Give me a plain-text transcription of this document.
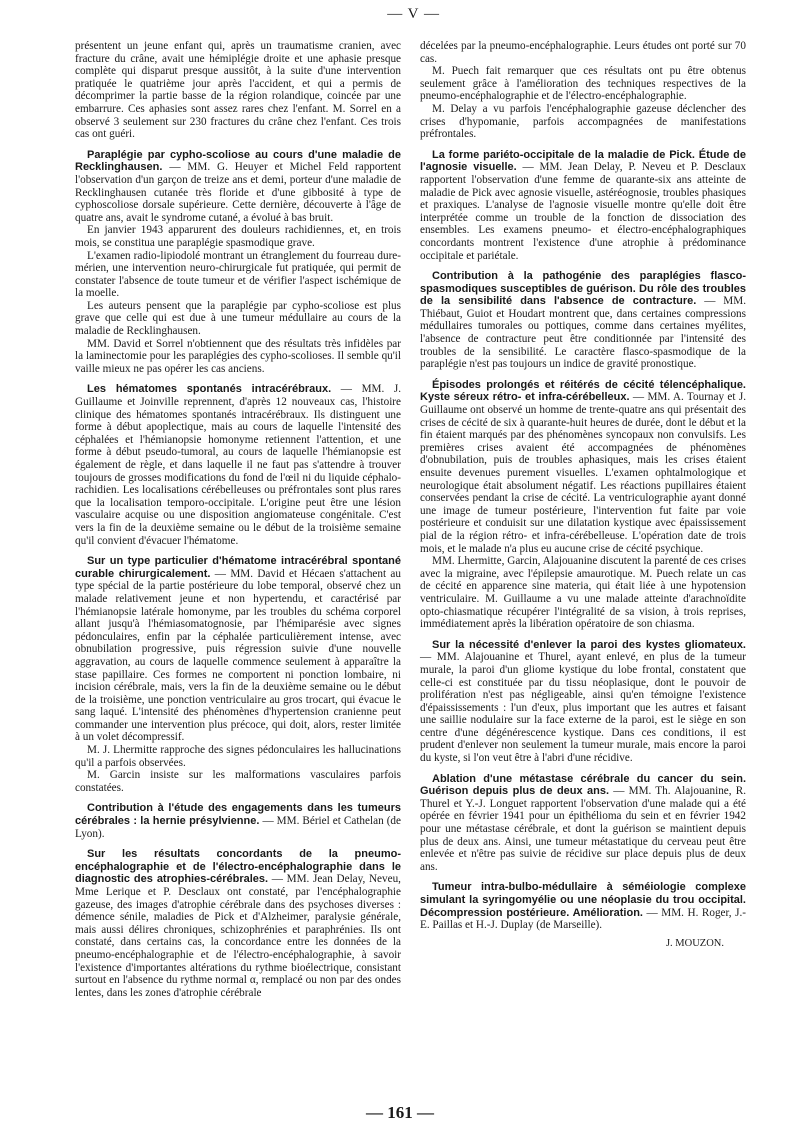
— V —

présentent un jeune enfant qui, après un traumatisme cranien, avec fracture du crâne, avait une hémiplégie droite et une aphasie presque complète qui disparut presque aussitôt, à la suite d'une intervention pratiquée le quatrième jour après l'accident, et qui a permis de décomprimer la partie basse de la région rolandique, coincée par une embarrure. Ces aphasies sont assez rares chez l'enfant. M. Sorrel en a observé 3 seulement sur 230 fractures du crâne chez l'enfant. Ces trois cas ont guéri.

Paraplégie par cypho-scoliose au cours d'une maladie de Recklinghausen. — MM. G. Heuyer et Michel Feld rapportent l'observation d'un garçon de treize ans et demi, porteur d'une maladie de Recklinghausen cutanée très floride et d'une gibbosité à type de cyphoscoliose dorsale supérieure. Cette dernière, découverte à l'âge de quatre ans, avait le syndrome cutané, a évolué à bas bruit.

En janvier 1943 apparurent des douleurs rachidiennes, et, en trois mois, se constitua une paraplégie spasmodique grave.

L'examen radio-lipiodolé montrant un étranglement du fourreau dure-mérien, une intervention neuro-chirurgicale fut pratiquée, qui permit de constater l'absence de toute tumeur et de vérifier l'aspect ischémique de la moelle.

Les auteurs pensent que la paraplégie par cypho-scoliose est plus grave que celle qui est due à une tumeur médullaire au cours de la maladie de Recklinghausen.

MM. David et Sorrel n'obtiennent que des résultats très infidèles par la laminectomie pour les paraplégies des cypho-scolioses. Il semble qu'il vaille mieux ne pas opérer les cas anciens.

Les hématomes spontanés intracérébraux. — MM. J. Guillaume et Joinville reprennent, d'après 12 nouveaux cas, l'histoire clinique des hématomes spontanés intracérébraux. Ils distinguent une forme à début apoplectique, mais au cours de laquelle l'intensité des céphalées et l'hémianopsie homonyme retiennent l'attention, et une forme à début pseudo-tumoral, au cours de laquelle l'hémianopsie est également de règle, et dans laquelle il ne faut pas s'attendre à trouver toujours de grosses modifications du fond de l'œil ni du liquide céphalo-rachidien. Les localisations cérébelleuses ou préfrontales sont plus rares que la localisation temporo-occipitale. L'origine peut être une lésion vasculaire acquise ou une disposition angiomateuse congénitale. C'est vers la fin de la deuxième semaine ou le début de la troisième semaine qu'il convient d'évacuer l'hématome.

Sur un type particulier d'hématome intracérébral spontané curable chirurgicalement. — MM. David et Hécaen s'attachent au type spécial de la partie postérieure du lobe temporal, observé chez un malade relativement jeune et non hypertendu, et caractérisé par l'hémianopsie latérale homonyme, par les troubles du schéma corporel allant jusqu'à l'hémiasomatognosie, par l'hémiparésie avec signes pédonculaires, enfin par la céphalée particulièrement intense, avec obnubilation progressive, puis régression suivie d'une nouvelle aggravation, au cours de laquelle commence seulement à apparaître la stase papillaire. Ces formes ne comportent ni ponction lombaire, ni incision cérébrale, mais, vers la fin de la deuxième semaine ou le début de la troisième, une ponction ventriculaire au gros trocart, qui évacue le sang laqué. L'intensité des phénomènes d'hypertension cranienne peut commander une intervention plus précoce, qui doit, alors, rester limitée à un volet décompressif.

M. J. Lhermitte rapproche des signes pédonculaires les hallucinations qu'il a parfois observées.

M. Garcin insiste sur les malformations vasculaires parfois constatées.

Contribution à l'étude des engagements dans les tumeurs cérébrales : la hernie présylvienne. — MM. Bériel et Cathelan (de Lyon).

Sur les résultats concordants de la pneumo-encéphalographie et de l'électro-encéphalographie dans le diagnostic des atrophies-cérébrales. — MM. Jean Delay, Neveu, Mme Lerique et P. Desclaux ont constaté, par l'encéphalographie gazeuse, des images d'atrophie cérébrale dans des psychoses diverses : démence sénile, maladies de Pick et d'Alzheimer, paralysie générale, mais aussi délires chroniques, schizophrénies et paraphrénies. Ils ont constaté, dans certains cas, la concordance entre les données de la pneumo-encéphalographie et de l'électro-encéphalographie, à savoir l'existence d'importantes altérations du rythme bioélectrique, consistant surtout en l'absence du rythme normal α, remplacé ou non par des ondes lentes, dans les zones d'atrophie cérébrale

décelées par la pneumo-encéphalographie. Leurs études ont porté sur 70 cas.

M. Puech fait remarquer que ces résultats ont pu être obtenus seulement grâce à l'amélioration des techniques respectives de la pneumo-encéphalographie et de l'électro-encéphalographie.

M. Delay a vu parfois l'encéphalographie gazeuse déclencher des crises d'hypomanie, parfois accompagnées de manifestations préfrontales.

La forme pariéto-occipitale de la maladie de Pick. Étude de l'agnosie visuelle. — MM. Jean Delay, P. Neveu et P. Desclaux rapportent l'observation d'une femme de quarante-six ans atteinte de maladie de Pick avec agnosie visuelle, astéréognosie, troubles phasiques et praxiques. L'analyse de l'agnosie visuelle montre qu'elle doit être interprétée comme un trouble de la fonction de dissociation des ensembles. Les examens pneumo- et électro-encéphalographiques concordants montrent l'existence d'une atrophie à prédominance occipitale et pariétale.

Contribution à la pathogénie des paraplégies flasco-spasmodiques susceptibles de guérison. Du rôle des troubles de la sensibilité dans l'absence de contracture. — MM. Thiébaut, Guiot et Houdart montrent que, dans certaines compressions médullaires tumorales ou pottiques, comme dans certaines myélites, l'absence de contracture peut être conditionnée par l'intensité des troubles de la sensibilité. Le caractère flasco-spasmodique de la paraplégie n'est pas toujours un indice de gravité pronostique.

Épisodes prolongés et réitérés de cécité télencéphalique. Kyste séreux rétro- et infra-cérébelleux. — MM. A. Tournay et J. Guillaume ont observé un homme de trente-quatre ans qui présentait des crises de cécité de six à quarante-huit heures de durée, dont le début et la fin étaient marqués par des phénomènes syncopaux non convulsifs. Les premières crises avaient été accompagnées de phénomènes d'obnubilation, puis de troubles aphasiques, mais les crises étaient ensuite devenues purement visuelles. L'examen ophtalmologique et neurologique était absolument négatif. Les réactions pupillaires étaient conservées pendant la crise de cécité. La ventriculographie ayant donné une image de tumeur postérieure, l'intervention fut faite par voie postérieure et conduisit sur une dilatation kystique avec épaississement pial de la région rétro- et infra-cérébelleuse. L'opération date de trois mois, et le malade n'a plus eu aucune crise de cécité psychique.

MM. Lhermitte, Garcin, Alajouanine discutent la parenté de ces crises avec la migraine, avec l'épilepsie amaurotique. M. Puech relate un cas de cécité en apparence sine materia, qui était liée à une hypotension ventriculaire. M. Guillaume a vu une malade atteinte d'arachnoïdite opto-chiasmatique récupérer l'intégralité de sa vision, à trois reprises, immédiatement après la libération opératoire de son chiasma.

Sur la nécessité d'enlever la paroi des kystes gliomateux. — MM. Alajouanine et Thurel, ayant enlevé, en plus de la tumeur murale, la paroi d'un gliome kystique du lobe frontal, constatent que celle-ci est constituée par du tissu néoplasique, dont le pouvoir de prolifération n'est pas négligeable, ainsi qu'en témoigne l'existence d'épaississements : l'un d'eux, plus important que les autres et faisant une saillie nodulaire sur la face externe de la paroi, est le siège en son centre d'une dégénérescence kystique. Dans ces conditions, il est prudent d'enlever non seulement la tumeur murale, mais encore la paroi du kyste, si l'on veut être à l'abri d'une récidive.

Ablation d'une métastase cérébrale du cancer du sein. Guérison depuis plus de deux ans. — MM. Th. Alajouanine, R. Thurel et Y.-J. Longuet rapportent l'observation d'une malade qui a été opérée en février 1941 pour un épithélioma du sein et en février 1942 pour une métastase cérébrale, et dont la guérison se maintient depuis plus de deux ans. Ainsi, une tumeur métastatique du cerveau peut être enlevée et n'être pas suivie de récidive sur place depuis plus de deux ans.

Tumeur intra-bulbo-médullaire à séméiologie complexe simulant la syringomyélie ou une néoplasie du trou occipital. Décompression postérieure. Amélioration. — MM. H. Roger, J.-E. Paillas et H.-J. Duplay (de Marseille).

J. MOUZON.
— 161 —
